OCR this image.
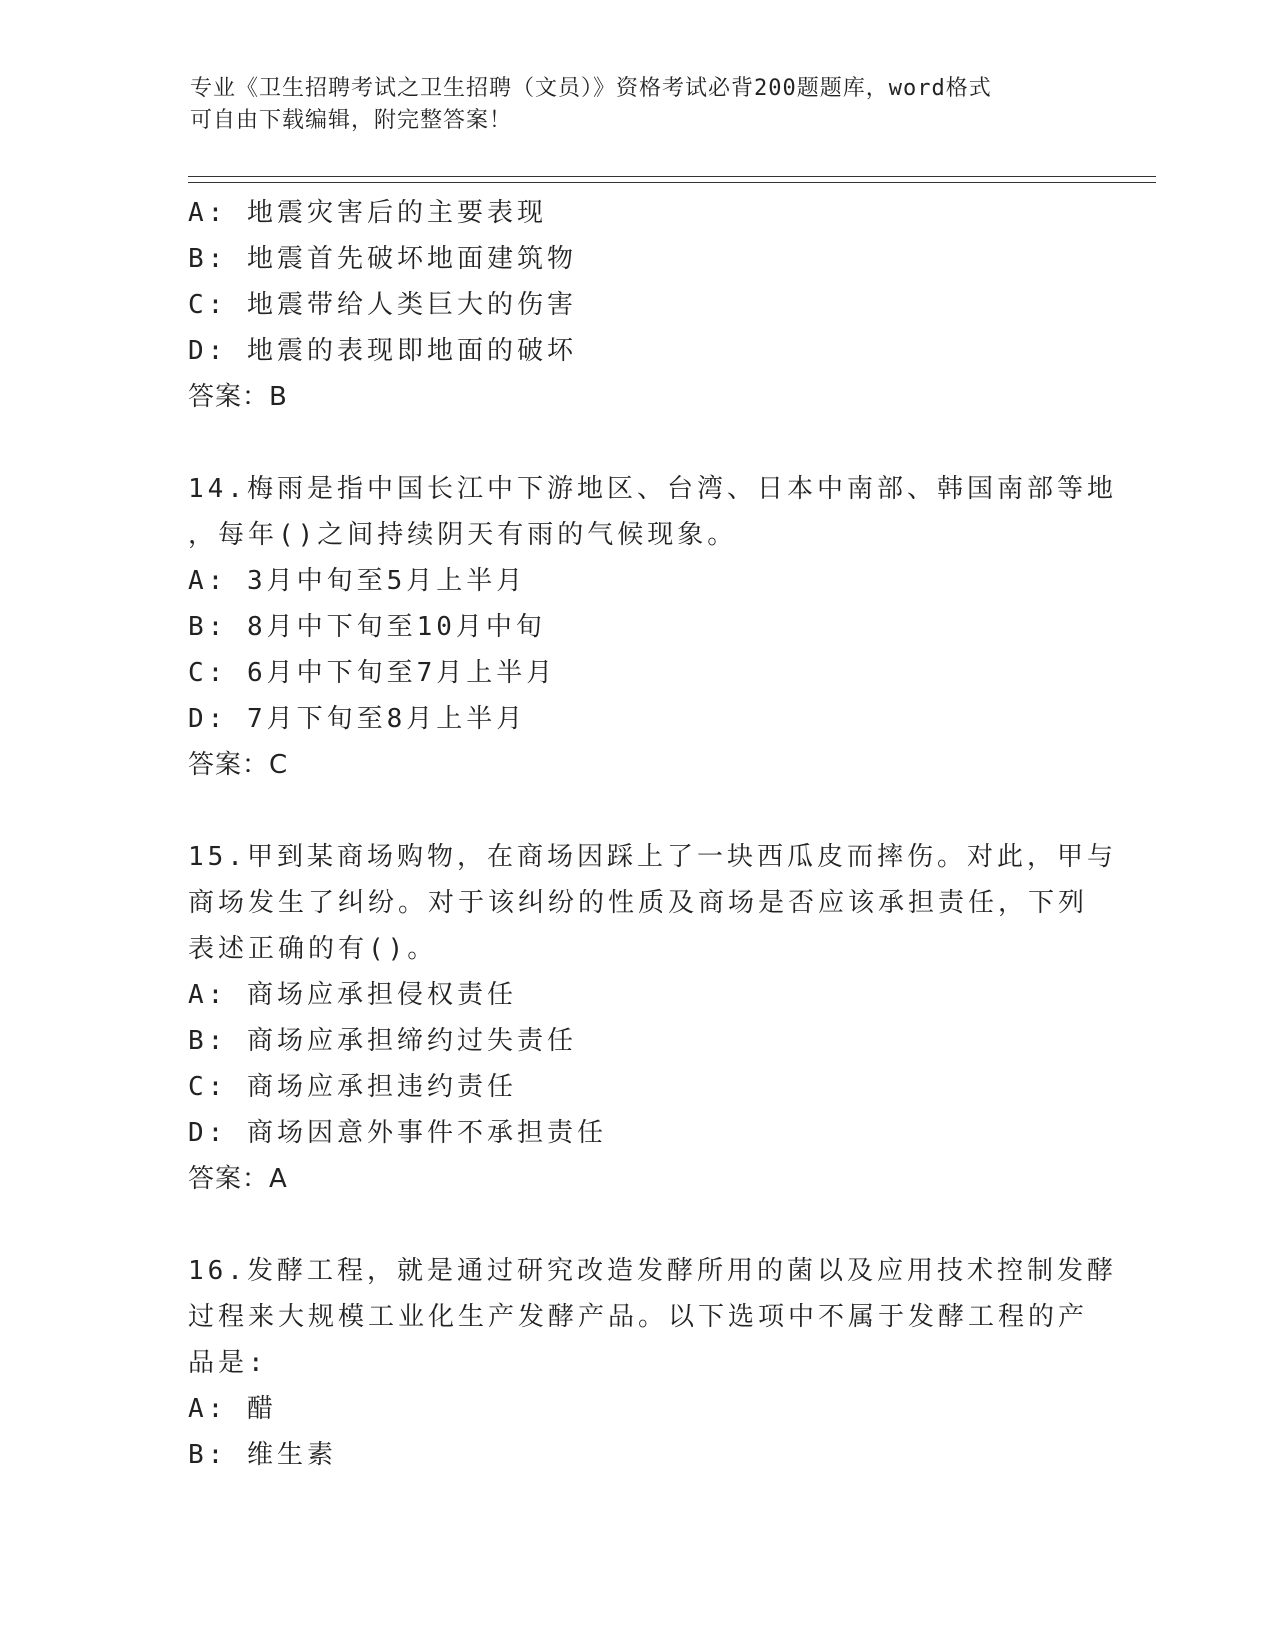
专业《卫生招聘考试之卫生招聘（文员）》资格考试必背200题题库，word格式
可自由下载编辑，附完整答案！
A: 地震灾害后的主要表现
B: 地震首先破坏地面建筑物
C: 地震带给人类巨大的伤害
D: 地震的表现即地面的破坏
答案：B
14.梅雨是指中国长江中下游地区、台湾、日本中南部、韩国南部等地
，每年()之间持续阴天有雨的气候现象。
A: 3月中旬至5月上半月
B: 8月中下旬至10月中旬
C: 6月中下旬至7月上半月
D: 7月下旬至8月上半月
答案：C
15.甲到某商场购物，在商场因踩上了一块西瓜皮而摔伤。对此，甲与
商场发生了纠纷。对于该纠纷的性质及商场是否应该承担责任，下列
表述正确的有()。
A: 商场应承担侵权责任
B: 商场应承担缔约过失责任
C: 商场应承担违约责任
D: 商场因意外事件不承担责任
答案：A
16.发酵工程，就是通过研究改造发酵所用的菌以及应用技术控制发酵
过程来大规模工业化生产发酵产品。以下选项中不属于发酵工程的产
品是:
A: 醋
B: 维生素
